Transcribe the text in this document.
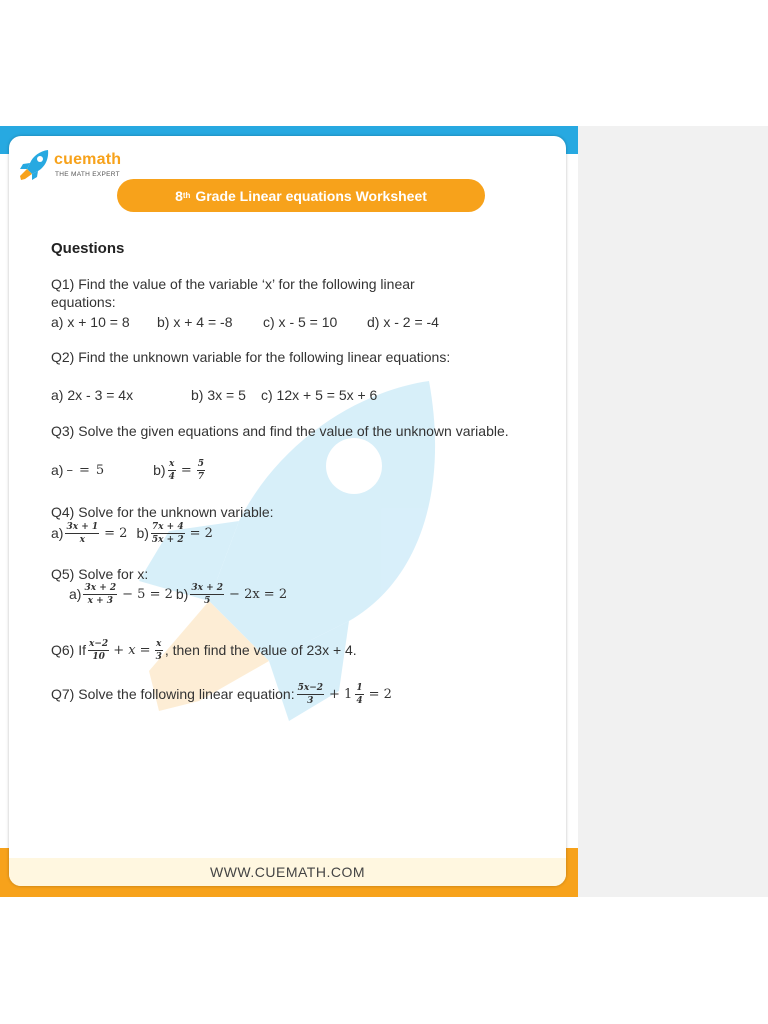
cuemath
THE MATH EXPERT
8 th
Grade Linear equations Worksheet
Questions
Q1) Find the value of the variable ‘x’ for the following linear equations:
a) x + 10 = 8 b) x + 4 = -8 c) x - 5 = 10 d) x - 2 = -4
Q2) Find the unknown variable for the following linear equations:
a) 2x - 3 = 4x	b) 3x = 5 c) 12x + 5 = 5x + 6
Q3) Solve the given equations and find the value of the unknown variable.
a) – = 5	$b) \frac{x}{4} = \frac{5}{7}$
Q4) Solve for the unknown variable:
$a) \frac{3x + 1}{x} = 2$ $b) \frac{7x + 4}{5x + 2} = 2$
Q5) Solve for x:
$a) \frac{3x + 2}{x + 3} - 5 = 2$ $b) \frac{3x + 2}{5} - 2x = 2$
Q6) If $\frac{x-2}{10} + x = \frac{x}{3}$ , then find the value of 23x + 4.
Q7) Solve the following linear equation: $\frac{5x-2}{3} + 1 \frac{1}{4} = 2$
WWW.CUEMATH.COM
